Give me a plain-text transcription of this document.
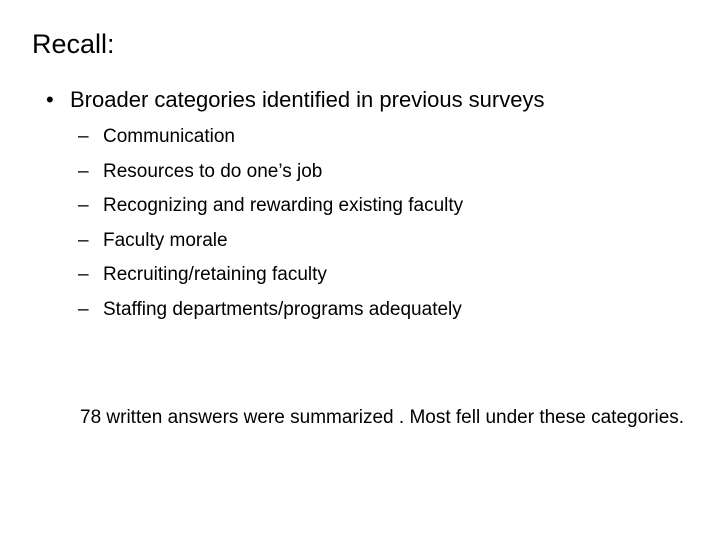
Recall:
• Broader categories identified in previous surveys
– Communication
– Resources to do one’s job
– Recognizing and rewarding existing faculty
– Faculty morale
– Recruiting/retaining faculty
– Staffing departments/programs adequately
78 written answers were summarized . Most fell under these categories.
